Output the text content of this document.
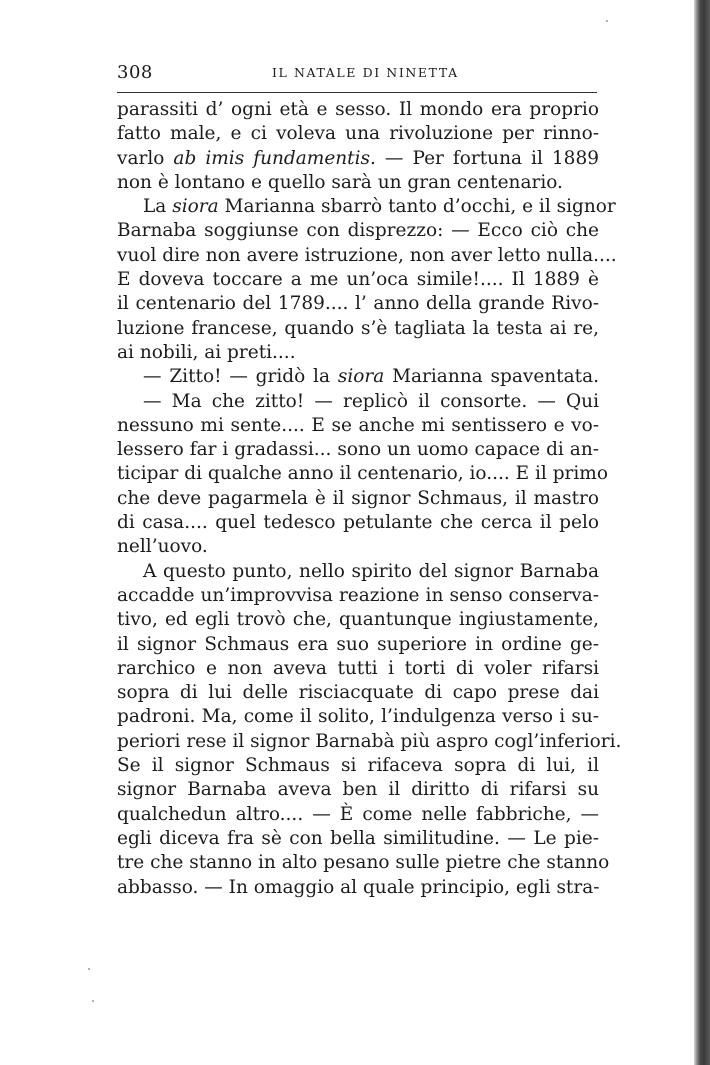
308	IL NATALE DI NINETTA
parassiti d’ ogni età e sesso. Il mondo era proprio
fatto male, e ci voleva una rivoluzione per rinno-
varlo ab imis fundamentis. — Per fortuna il 1889
non è lontano e quello sarà un gran centenario.
La siora Marianna sbarrò tanto d’occhi, e il signor
Barnaba soggiunse con disprezzo: — Ecco ciò che
vuol dire non avere istruzione, non aver letto nulla....
E doveva toccare a me un’oca simile!.... Il 1889 è
il centenario del 1789.... l’ anno della grande Rivo-
luzione francese, quando s’è tagliata la testa ai re,
ai nobili, ai preti....
— Zitto! — gridò la siora Marianna spaventata.
— Ma che zitto! — replicò il consorte. — Qui
nessuno mi sente.... E se anche mi sentissero e vo-
lessero far i gradassi... sono un uomo capace di an-
ticipar di qualche anno il centenario, io.... E il primo
che deve pagarmela è il signor Schmaus, il mastro
di casa.... quel tedesco petulante che cerca il pelo
nell’uovo.
A questo punto, nello spirito del signor Barnaba
accadde un’improvvisa reazione in senso conserva-
tivo, ed egli trovò che, quantunque ingiustamente,
il signor Schmaus era suo superiore in ordine ge-
rarchico e non aveva tutti i torti di voler rifarsi
sopra di lui delle risciacquate di capo prese dai
padroni. Ma, come il solito, l’indulgenza verso i su-
periori rese il signor Barnabà più aspro cogl’inferiori.
Se il signor Schmaus si rifaceva sopra di lui, il
signor Barnaba aveva ben il diritto di rifarsi su
qualchedun altro.... — È come nelle fabbriche, —
egli diceva fra sè con bella similitudine. — Le pie-
tre che stanno in alto pesano sulle pietre che stanno
abbasso. — In omaggio al quale principio, egli stra-
